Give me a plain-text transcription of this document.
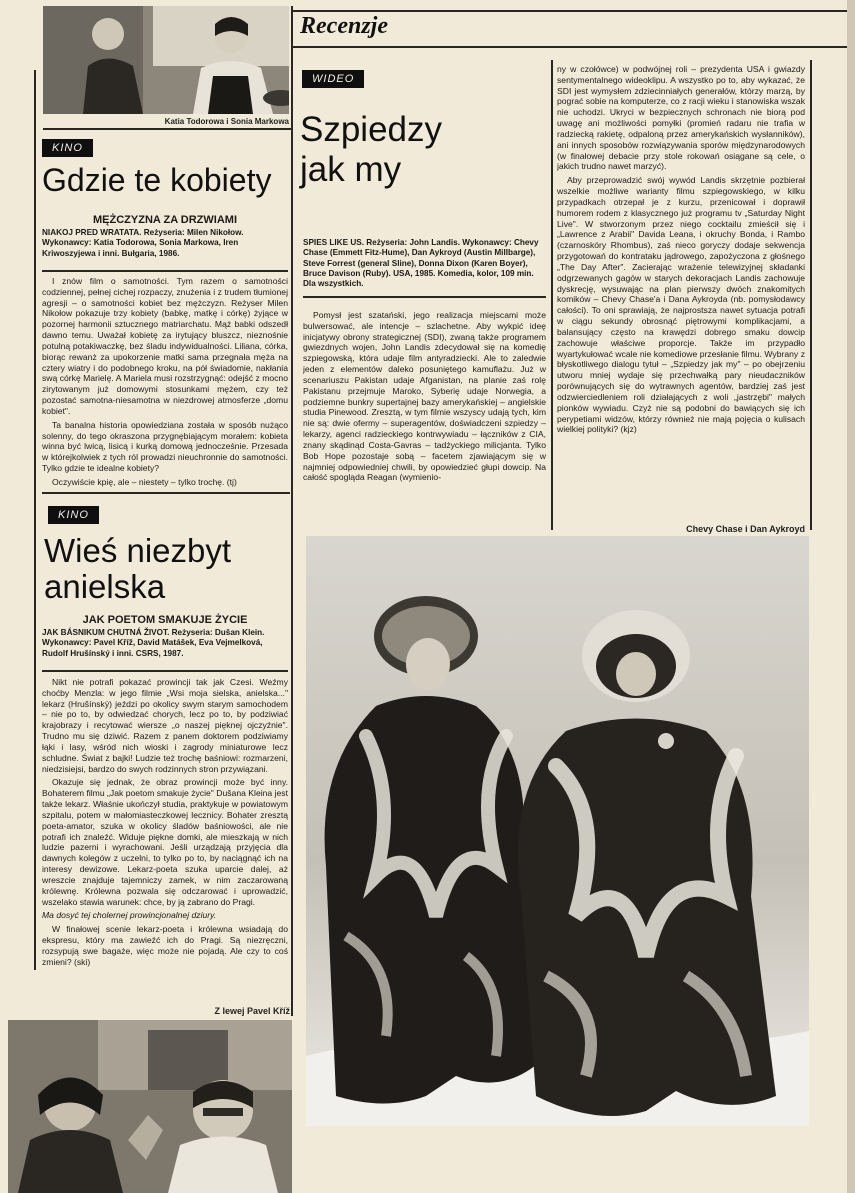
Recenzje
Katia Todorowa i Sonia Markowa
KINO
Gdzie te kobiety
MĘŻCZYZNA ZA DRZWIAMI
NIAKOJ PRED WRATATA. Reżyseria: Milen Nikołow. Wykonawcy: Katia Todorowa, Sonia Markowa, Iren Kriwoszyjewa i inni. Bułgaria, 1986.

I znów film o samotności. Tym razem o samotności codziennej, pełnej cichej rozpaczy, znużenia i z trudem tłumionej agresji – o samotności kobiet bez mężczyzn. Reżyser Milen Nikołow pokazuje trzy kobiety (babkę, matkę i córkę) żyjące w pozornej harmonii sztucznego matriarchatu. Mąż babki odszedł dawno temu. Uważał kobietę za irytujący bluszcz, nieznośnie potulną potakiwaczkę, bez śladu indywidualności. Liliana, córka, biorąc rewanż za upokorzenie matki sama przegnała męża na cztery wiatry i do podobnego kroku, na pół świadomie, nakłania swą córkę Marielę. A Mariela musi rozstrzygnąć: odejść z mocno zirytowanym już domowymi stosunkami mężem, czy też pozostać samotna-niesamotna w niezdrowej atmosferze „domu kobiet".

Ta banalna historia opowiedziana została w sposób nużąco solenny, do tego okraszona przygnębiającym morałem: kobieta winna być lwicą, lisicą i kurką domową jednocześnie. Przesada w którejkolwiek z tych ról prowadzi nieuchronnie do samotności. Tylko gdzie te idealne kobiety?

Oczywiście kpię, ale – niestety – tylko trochę. (tj)

KINO
Wieś niezbyt
anielska
JAK POETOM SMAKUJE ŻYCIE
JAK BÁSNIKUM CHUTNÁ ŽIVOT. Reżyseria: Dušan Klein. Wykonawcy: Pavel Kříž, David Matášek, Eva Vejmelková, Rudolf Hrušínský i inni. CSRS, 1987.

Nikt nie potrafi pokazać prowincji tak jak Czesi. Weźmy choćby Menzla: w jego filmie „Wsi moja sielska, anielska..." lekarz (Hrušínský) jeździ po okolicy swym starym samochodem – nie po to, by odwiedzać chorych, lecz po to, by podziwiać krajobrazy i recytować wiersze „o naszej pięknej ojczyźnie". Trudno mu się dziwić. Razem z panem doktorem podziwiamy łąki i lasy, wśród nich wioski i zagrody miniaturowe lecz schludne. Świat z bajki! Ludzie też trochę baśniowi: rozmarzeni, niedzisiejsi, bardzo do swych rodzinnych stron przywiązani.

Okazuje się jednak, że obraz prowincji może być inny. Bohaterem filmu „Jak poetom smakuje życie" Dušana Kleina jest także lekarz. Właśnie ukończył studia, praktykuje w powiatowym szpitalu, potem w małomiasteczkowej lecznicy. Bohater zresztą poeta-amator, szuka w okolicy śladów baśniowości, ale nie potrafi ich znaleźć. Widuje piękne domki, ale mieszkają w nich ludzie pazerni i wyrachowani. Jeśli urządzają przyjęcia dla dawnych kolegów z uczelni, to tylko po to, by naciągnąć ich na interesy dewizowe. Lekarz-poeta szuka uparcie dalej, aż wreszcie znajduje tajemniczy zamek, w nim zaczarowaną królewnę. Królewna pozwala się odczarować i uprowadzić, wszelako stawia warunek: chce, by ją zabrano do Pragi.

Ma dosyć tej cholernej prowincjonalnej dziury.

W finałowej scenie lekarz-poeta i królewna wsiadają do ekspresu, który ma zawieźć ich do Pragi. Są niezręczni, rozsypują swe bagaże, więc może nie pojadą. Ale czy to coś zmieni? (ski)

Z lewej Pavel Kříž
WIDEO
Szpiedzy
jak my
SPIES LIKE US. Reżyseria: John Landis. Wykonawcy: Chevy Chase (Emmett Fitz-Hume), Dan Aykroyd (Austin Millbarge), Steve Forrest (general Sline), Donna Dixon (Karen Boyer), Bruce Davison (Ruby). USA, 1985. Komedia, kolor, 109 min. Dla wszystkich.

Pomysł jest szatański, jego realizacja miejscami może bulwersować, ale intencje – szlachetne. Aby wykpić ideę inicjatywy obrony strategicznej (SDI), zwaną także programem gwiezdnych wojen, John Landis zdecydował się na komedię szpiegowską, która udaje film antyradziecki. Ale to zaledwie jeden z elementów daleko posuniętego kamuflażu. Już w scenariuszu Pakistan udaje Afganistan, na planie zaś rolę Pakistanu przejmuje Maroko, Syberię udaje Norwegia, a podziemne bunkry supertajnej bazy amerykańskiej – angielskie studia Pinewood. Zresztą, w tym filmie wszyscy udają tych, kim nie są: dwie ofermy – superagentów, doświadczeni szpiedzy – lekarzy, agenci radzieckiego kontrwywiadu – łączników z CIA, znany skądinąd Costa-Gavras – tadżyckiego milicjanta. Tylko Bob Hope pozostaje sobą – facetem zjawiającym się w najmniej odpowiedniej chwili, by opowiedzieć głupi dowcip. Na całość spogląda Reagan (wymienio-

ny w czołówce) w podwójnej roli – prezydenta USA i gwiazdy sentymentalnego wideoklipu. A wszystko po to, aby wykazać, że SDI jest wymysłem zdziecinniałych generałów, którzy marzą, by pograć sobie na komputerze, co z racji wieku i stanowiska wszak nie uchodzi. Ukryci w bezpiecznych schronach nie biorą pod uwagę ani możliwości pomyłki (promień radaru nie trafia w radziecką rakietę, odpaloną przez amerykańskich wysłanników), ani innych sposobów rozwiązywania sporów międzynarodowych (w finałowej debacie przy stole rokowań osiągane są cele, o jakich trudno nawet marzyć).

Aby przeprowadzić swój wywód Landis skrzętnie pozbierał wszelkie możliwe warianty filmu szpiegowskiego, w kilku przypadkach otrzepał je z kurzu, przenicował i doprawił humorem rodem z klasycznego już programu tv „Saturday Night Live". W stworzonym przez niego cocktailu zmieścił się i „Lawrence z Arabii" Davida Leana, i okruchy Bonda, i Rambo (czarnoskóry Rhombus), zaś nieco goryczy dodaje sekwencja przygotowań do kontrataku jądrowego, zapożyczona z głośnego „The Day After". Zacierając wrażenie telewizyjnej składanki odgrzewanych gagów w starych dekoracjach Landis zachowuje dyskrecję, wysuwając na plan pierwszy dwóch znakomitych komików – Chevy Chase'a i Dana Aykroyda (nb. pomysłodawcy całości). To oni sprawiają, że najprostsza nawet sytuacja potrafi w ciągu sekundy obrosnąć piętrowymi komplikacjami, a balansujący często na krawędzi dobrego smaku dowcip zachowuje właściwe proporcje. Także im przypadło wyartykułować wcale nie komediowe przesłanie filmu. Wybrany z błyskotliwego dialogu tytuł – „Szpiedzy jak my" – po obejrzeniu utworu mniej wydaje się przechwałką pary nieudaczników porównujących się do wytrawnych agentów, bardziej zaś jest odzwierciedleniem roli działających z woli „jastrzębi" małych pionków wywiadu. Czyż nie są podobni do bawiących się ich perypetiami widzów, którzy również nie mają pojęcia o kulisach wielkiej polityki? (kjz)

Chevy Chase i Dan Aykroyd
